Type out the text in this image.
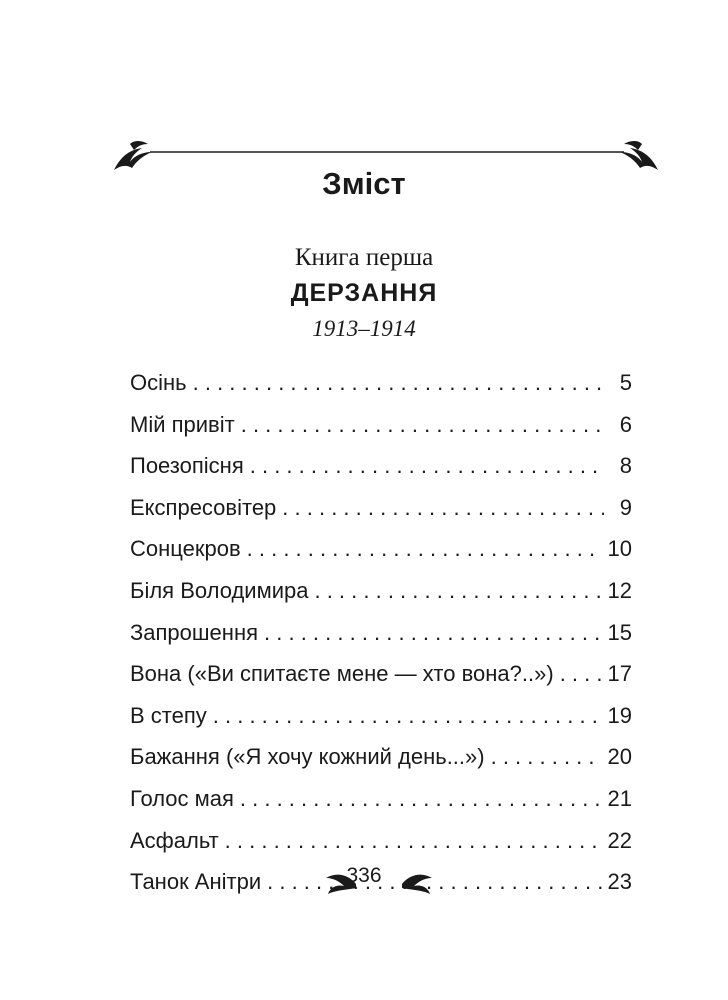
Зміст
Книга перша
ДЕРЗАННЯ
1913–1914
Осінь . . .	5
Мій привіт . . .	6
Поезопісня . . .	8
Експресовітер . . .	9
Сонцекров . . .	10
Біля Володимира . . .	12
Запрошення . . .	15
Вона («Ви спитаєте мене — хто вона?..») . . . 17
В степу . . .	19
Бажання («Я хочу кожний день...») . . .	20
Голос мая . . .	21
Асфальт . . .	22
Танок Анітри . . .	23
336
